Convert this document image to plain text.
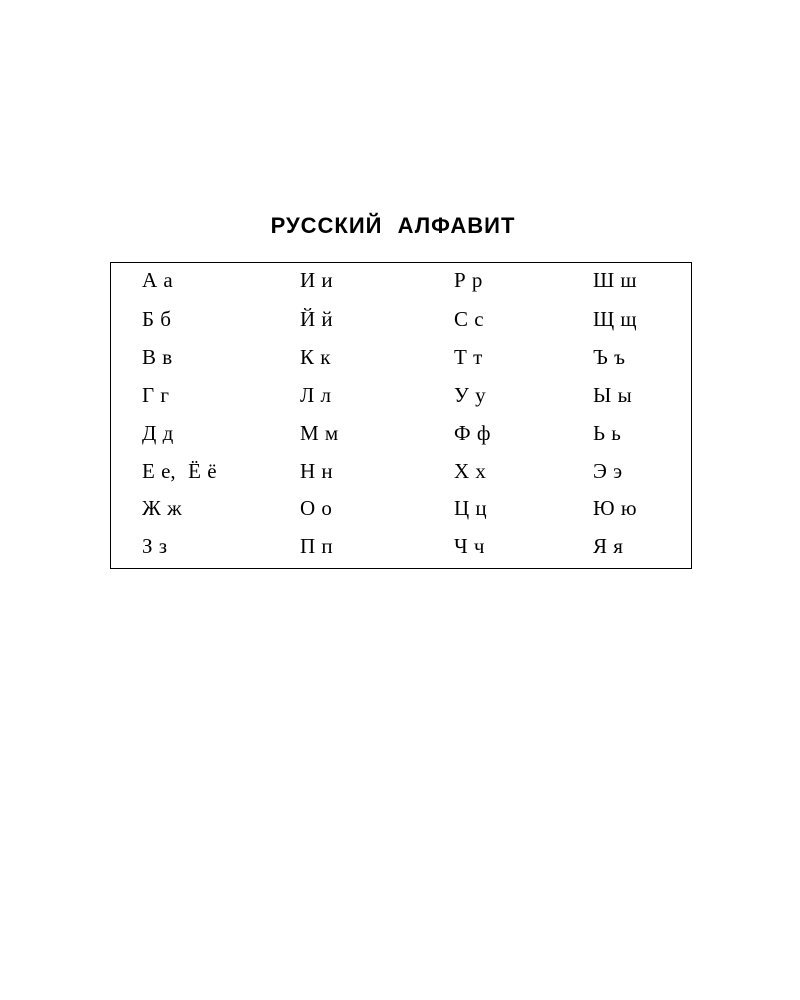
РУССКИЙ АЛФАВИТ
А а
Б б
В в
Г г
Д д
Е е,  Ё ё
Ж ж
З з
И и
Й й
К к
Л л
М м
Н н
О о
П п
Р р
С с
Т т
У у
Ф ф
Х х
Ц ц
Ч ч
Ш ш
Щ щ
Ъ ъ
Ы ы
Ь ь
Э э
Ю ю
Я я
